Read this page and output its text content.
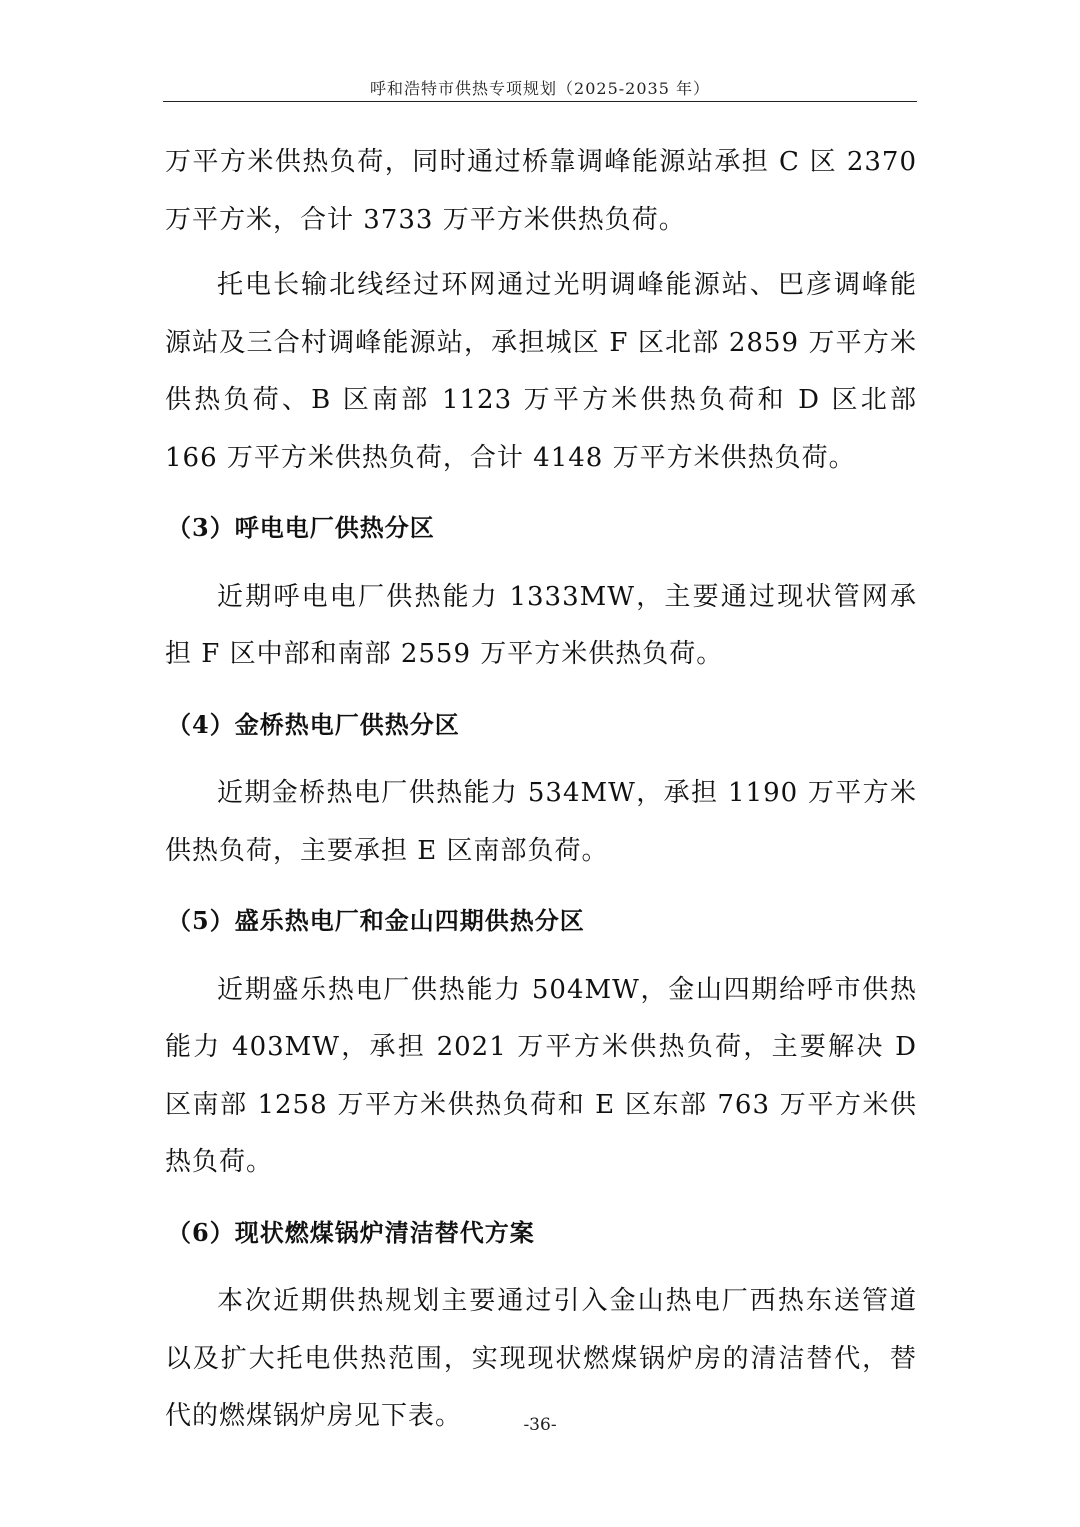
呼和浩特市供热专项规划（2025-2035 年）

万平方米供热负荷，同时通过桥靠调峰能源站承担 C 区 2370 万平方米，合计 3733 万平方米供热负荷。

托电长输北线经过环网通过光明调峰能源站、巴彦调峰能源站及三合村调峰能源站，承担城区 F 区北部 2859 万平方米供热负荷、B 区南部 1123 万平方米供热负荷和 D 区北部 166 万平方米供热负荷，合计 4148 万平方米供热负荷。

（3）呼电电厂供热分区

近期呼电电厂供热能力 1333MW，主要通过现状管网承担 F 区中部和南部 2559 万平方米供热负荷。

（4）金桥热电厂供热分区

近期金桥热电厂供热能力 534MW，承担 1190 万平方米供热负荷，主要承担 E 区南部负荷。

（5）盛乐热电厂和金山四期供热分区

近期盛乐热电厂供热能力 504MW，金山四期给呼市供热能力 403MW，承担 2021 万平方米供热负荷，主要解决 D 区南部 1258 万平方米供热负荷和 E 区东部 763 万平方米供热负荷。

（6）现状燃煤锅炉清洁替代方案

本次近期供热规划主要通过引入金山热电厂西热东送管道以及扩大托电供热范围，实现现状燃煤锅炉房的清洁替代，替代的燃煤锅炉房见下表。	-36-
